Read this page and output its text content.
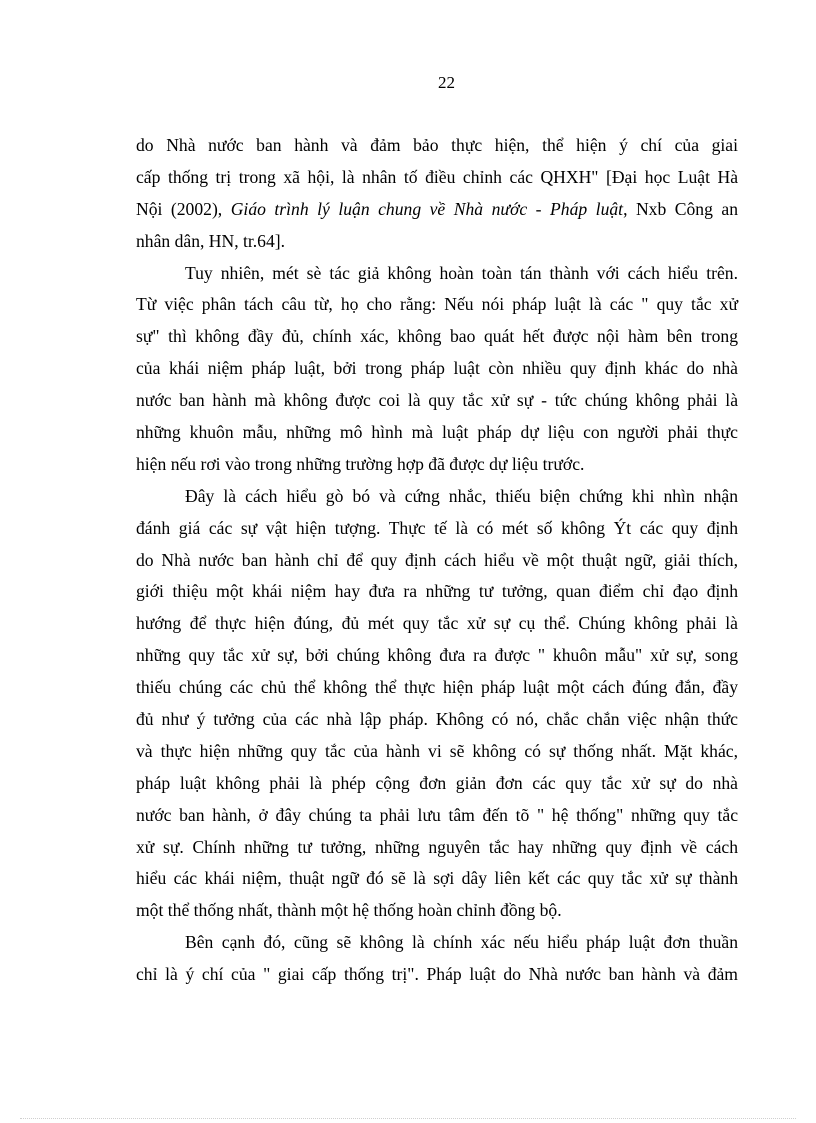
22

do Nhà nước ban hành và đảm bảo thực hiện, thể hiện ý chí của giai
cấp thống trị trong xã hội, là nhân tố điều chỉnh các QHXH" [Đại học Luật Hà
Nội (2002), Giáo trình lý luận chung về Nhà nước - Pháp luật, Nxb Công an
nhân dân, HN, tr.64].

Tuy nhiên, mét sè tác giả không hoàn toàn tán thành với cách hiểu trên.
Từ việc phân tách câu từ, họ cho rằng: Nếu nói pháp luật là các " quy tắc xử
sự" thì không đầy đủ, chính xác, không bao quát hết được nội hàm bên trong
của khái niệm pháp luật, bởi trong pháp luật còn nhiều quy định khác do nhà
nước ban hành mà không được coi là quy tắc xử sự - tức chúng không phải là
những khuôn mẫu, những mô hình mà luật pháp dự liệu con người phải thực
hiện nếu rơi vào trong những trường hợp đã được dự liệu trước.

Đây là cách hiểu gò bó và cứng nhắc, thiếu biện chứng khi nhìn nhận
đánh giá các sự vật hiện tượng. Thực tế là có mét số không Ýt các quy định
do Nhà nước ban hành chỉ để quy định cách hiểu về một thuật ngữ, giải thích,
giới thiệu một khái niệm hay đưa ra những tư tưởng, quan điểm chỉ đạo định
hướng để thực hiện đúng, đủ mét quy tắc xử sự cụ thể. Chúng không phải là
những quy tắc xử sự, bởi chúng không đưa ra được " khuôn mẫu" xử sự, song
thiếu chúng các chủ thể không thể thực hiện pháp luật một cách đúng đắn, đầy
đủ như ý tưởng của các nhà lập pháp. Không có nó, chắc chắn việc nhận thức
và thực hiện những quy tắc của hành vi sẽ không có sự thống nhất. Mặt khác,
pháp luật không phải là phép cộng đơn giản đơn các quy tắc xử sự do nhà
nước ban hành, ở đây chúng ta phải lưu tâm đến tõ " hệ thống" những quy tắc
xử sự. Chính những tư tưởng, những nguyên tắc hay những quy định về cách
hiểu các khái niệm, thuật ngữ đó sẽ là sợi dây liên kết các quy tắc xử sự thành
một thể thống nhất, thành một hệ thống hoàn chỉnh đồng bộ.

Bên cạnh đó, cũng sẽ không là chính xác nếu hiểu pháp luật đơn thuần
chỉ là ý chí của " giai cấp thống trị". Pháp luật do Nhà nước ban hành và đảm
